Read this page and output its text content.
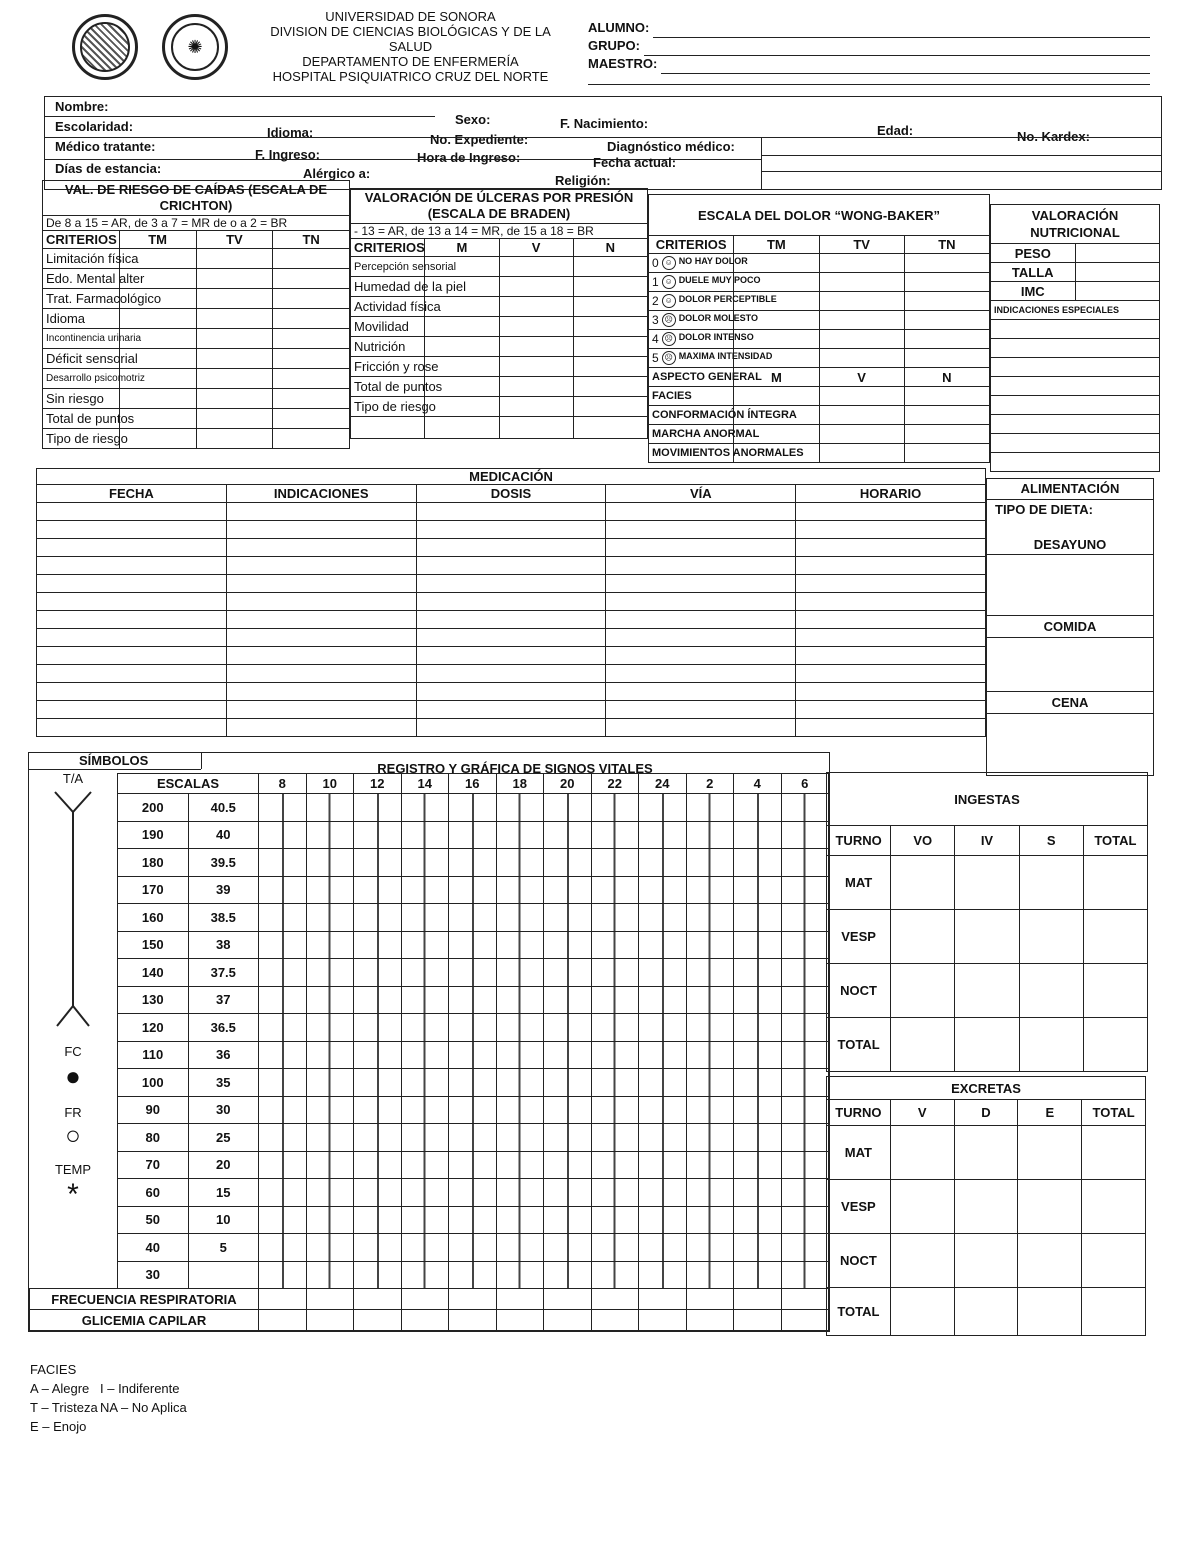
✺
UNIVERSIDAD DE SONORA
DIVISION DE CIENCIAS BIOLÓGICAS Y DE LA SALUD
DEPARTAMENTO DE ENFERMERÍA
HOSPITAL PSIQUIATRICO CRUZ DEL NORTE
ALUMNO:
GRUPO:
MAESTRO:
Nombre:
Sexo:	F. Nacimiento:
Escolaridad:	Idioma:	No. Expediente:
Edad:	No. Kardex:
Médico tratante:
F. Ingreso:	Hora de Ingreso:
Diagnóstico médico:
Días de estancia:	Alérgico a:
Fecha actual:
Religión:
VAL. DE RIESGO DE CAÍDAS (ESCALA DE CRICHTON)			
De 8 a 15 = AR, de 3 a 7 = MR de o a 2 = BR			
CRITERIOS	TM	TV	TN
Limitación física			
Edo. Mental alter			
Trat. Farmacológico			
Idioma			
Incontinencia urinaria			
Déficit sensorial			
Desarrollo psicomotriz			
Sin riesgo			
Total de puntos			
Tipo de riesgo			
VALORACIÓN DE ÚLCERAS POR PRESIÓN (ESCALA DE BRADEN)			
- 13 = AR, de 13 a 14 = MR, de 15 a 18 = BR			
CRITERIOS	M	V	N
Percepción sensorial			
Humedad de la piel			
Actividad física			
Movilidad			
Nutrición			
Fricción y rose			
Total de puntos			
Tipo de riesgo			

ESCALA DEL DOLOR “WONG-BAKER”			
CRITERIOS	TM	TV	TN

0 ☺ NO HAY DOLOR			

1 ☺ DUELE MUY POCO			

2 ☺ DOLOR PERCEPTIBLE			

3 ☹ DOLOR MOLESTO			

4 ☹ DOLOR INTENSO			

5 ☹ MAXIMA INTENSIDAD			
ASPECTO GENERAL	M	V	N
FACIES			
CONFORMACIÓN ÍNTEGRA			
MARCHA ANORMAL			
MOVIMIENTOS ANORMALES			
VALORACIÓN NUTRICIONAL	
PESO	
TALLA	
IMC	
INDICACIONES ESPECIALES	

MEDICACIÓN				
FECHA	INDICACIONES	DOSIS	VÍA	HORARIO

					ALIMENTACIÓN
TIPO DE DIETA:
DESAYUNO
COMIDA
CENA
SÍMBOLOS
REGISTRO Y GRÁFICA DE SIGNOS VITALES
T/A
FC
●
FR
○
TEMP
*
ESCALAS		8	10	12	14	16	18	20	22	24	2	4	6
200	40.5												
190	40												
180	39.5												
170	39												
160	38.5												
150	38												
140	37.5												
130	37												
120	36.5												
110	36												
100	35												
90	30												
80	25												
70	20												
60	15												
50	10												
40	5												
30													
FRECUENCIA RESPIRATORIA												
GLICEMIA CAPILAR												
INGESTAS				
TURNO	VO	IV	S	TOTAL
MAT				
VESP				
NOCT				
TOTAL				
EXCRETAS				
TURNO	V	D	E	TOTAL
MAT				
VESP				
NOCT				
TOTAL				
FACIES
A – Alegre I – Indiferente
T – Tristeza NA – No Aplica
E – Enojo
